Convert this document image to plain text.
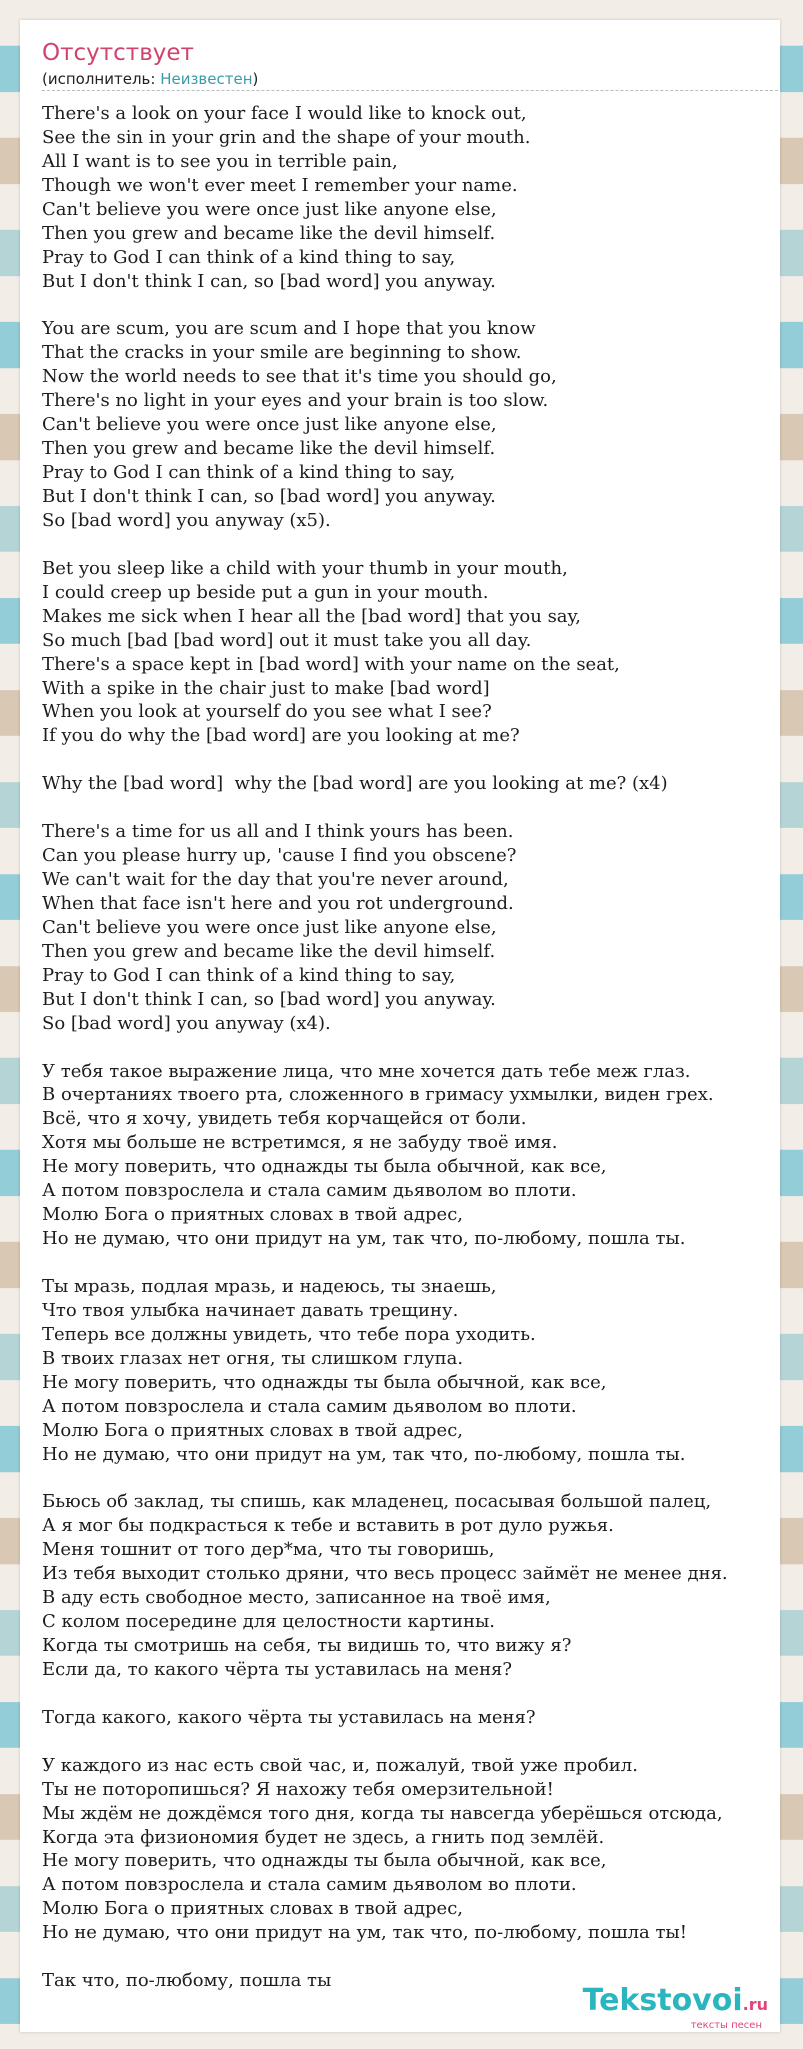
Отсутствует
(исполнитель: Неизвестен)
There's a look on your face I would like to knock out,
See the sin in your grin and the shape of your mouth.
All I want is to see you in terrible pain,
Though we won't ever meet I remember your name.
Can't believe you were once just like anyone else,
Then you grew and became like the devil himself.
Pray to God I can think of a kind thing to say,
But I don't think I can, so [bad word] you anyway.

You are scum, you are scum and I hope that you know
That the cracks in your smile are beginning to show.
Now the world needs to see that it's time you should go,
There's no light in your eyes and your brain is too slow.
Can't believe you were once just like anyone else,
Then you grew and became like the devil himself.
Pray to God I can think of a kind thing to say,
But I don't think I can, so [bad word] you anyway.
So [bad word] you anyway (x5).

Bet you sleep like a child with your thumb in your mouth,
I could creep up beside put a gun in your mouth.
Makes me sick when I hear all the [bad word] that you say,
So much [bad [bad word] out it must take you all day.
There's a space kept in [bad word] with your name on the seat,
With a spike in the chair just to make [bad word]
When you look at yourself do you see what I see?
If you do why the [bad word] are you looking at me?

Why the [bad word]  why the [bad word] are you looking at me? (x4)

There's a time for us all and I think yours has been.
Can you please hurry up, 'cause I find you obscene?
We can't wait for the day that you're never around,
When that face isn't here and you rot underground.
Can't believe you were once just like anyone else,
Then you grew and became like the devil himself.
Pray to God I can think of a kind thing to say,
But I don't think I can, so [bad word] you anyway.
So [bad word] you anyway (x4).

У тебя такое выражение лица, что мне хочется дать тебе меж глаз.
В очертаниях твоего рта, сложенного в гримасу ухмылки, виден грех.
Всё, что я хочу, увидеть тебя корчащейся от боли.
Хотя мы больше не встретимся, я не забуду твоё имя.
Не могу поверить, что однажды ты была обычной, как все,
А потом повзрослела и стала самим дьяволом во плоти.
Молю Бога о приятных словах в твой адрес,
Но не думаю, что они придут на ум, так что, по-любому, пошла ты.

Ты мразь, подлая мразь, и надеюсь, ты знаешь,
Что твоя улыбка начинает давать трещину.
Теперь все должны увидеть, что тебе пора уходить.
В твоих глазах нет огня, ты слишком глупа.
Не могу поверить, что однажды ты была обычной, как все,
А потом повзрослела и стала самим дьяволом во плоти.
Молю Бога о приятных словах в твой адрес,
Но не думаю, что они придут на ум, так что, по-любому, пошла ты.

Бьюсь об заклад, ты спишь, как младенец, посасывая большой палец,
А я мог бы подкрасться к тебе и вставить в рот дуло ружья.
Меня тошнит от того дер*ма, что ты говоришь,
Из тебя выходит столько дряни, что весь процесс займёт не менее дня.
В аду есть свободное место, записанное на твоё имя,
С колом посередине для целостности картины.
Когда ты смотришь на себя, ты видишь то, что вижу я?
Если да, то какого чёрта ты уставилась на меня?

Тогда какого, какого чёрта ты уставилась на меня?

У каждого из нас есть свой час, и, пожалуй, твой уже пробил.
Ты не поторопишься? Я нахожу тебя омерзительной!
Мы ждём не дождёмся того дня, когда ты навсегда уберёшься отсюда,
Когда эта физиономия будет не здесь, а гнить под землёй.
Не могу поверить, что однажды ты была обычной, как все,
А потом повзрослела и стала самим дьяволом во плоти.
Молю Бога о приятных словах в твой адрес,
Но не думаю, что они придут на ум, так что, по-любому, пошла ты!

Так что, по-любому, пошла ты
Tekstovoi.ru
тексты песен
